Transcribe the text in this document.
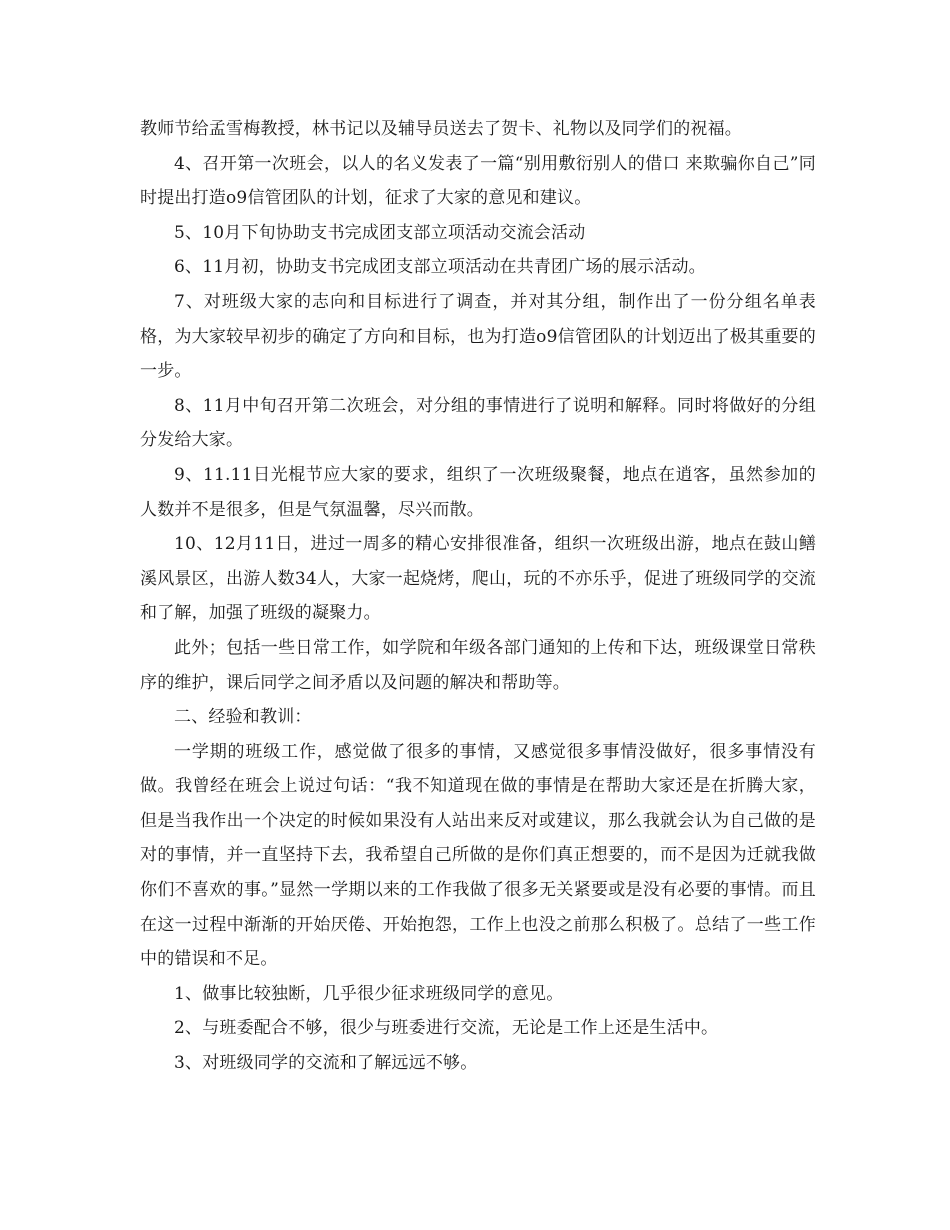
教师节给孟雪梅教授，林书记以及辅导员送去了贺卡、礼物以及同学们的祝福。

4、召开第一次班会，以人的名义发表了一篇“别用敷衍别人的借口 来欺骗你自己”同时提出打造o9信管团队的计划，征求了大家的意见和建议。

5、10月下旬协助支书完成团支部立项活动交流会活动

6、11月初，协助支书完成团支部立项活动在共青团广场的展示活动。

7、对班级大家的志向和目标进行了调查，并对其分组，制作出了一份分组名单表格，为大家较早初步的确定了方向和目标，也为打造o9信管团队的计划迈出了极其重要的一步。

8、11月中旬召开第二次班会，对分组的事情进行了说明和解释。同时将做好的分组分发给大家。

9、11.11日光棍节应大家的要求，组织了一次班级聚餐，地点在逍客，虽然参加的人数并不是很多，但是气氛温馨，尽兴而散。

10、12月11日，进过一周多的精心安排很准备，组织一次班级出游，地点在鼓山鳝溪风景区，出游人数34人，大家一起烧烤，爬山，玩的不亦乐乎，促进了班级同学的交流和了解，加强了班级的凝聚力。

此外；包括一些日常工作，如学院和年级各部门通知的上传和下达，班级课堂日常秩序的维护，课后同学之间矛盾以及问题的解决和帮助等。

二、经验和教训：

一学期的班级工作，感觉做了很多的事情，又感觉很多事情没做好，很多事情没有做。我曾经在班会上说过句话：“我不知道现在做的事情是在帮助大家还是在折腾大家，但是当我作出一个决定的时候如果没有人站出来反对或建议，那么我就会认为自己做的是对的事情，并一直坚持下去，我希望自己所做的是你们真正想要的，而不是因为迁就我做你们不喜欢的事。”显然一学期以来的工作我做了很多无关紧要或是没有必要的事情。而且在这一过程中渐渐的开始厌倦、开始抱怨，工作上也没之前那么积极了。总结了一些工作中的错误和不足。

1、做事比较独断，几乎很少征求班级同学的意见。

2、与班委配合不够，很少与班委进行交流，无论是工作上还是生活中。

3、对班级同学的交流和了解远远不够。
